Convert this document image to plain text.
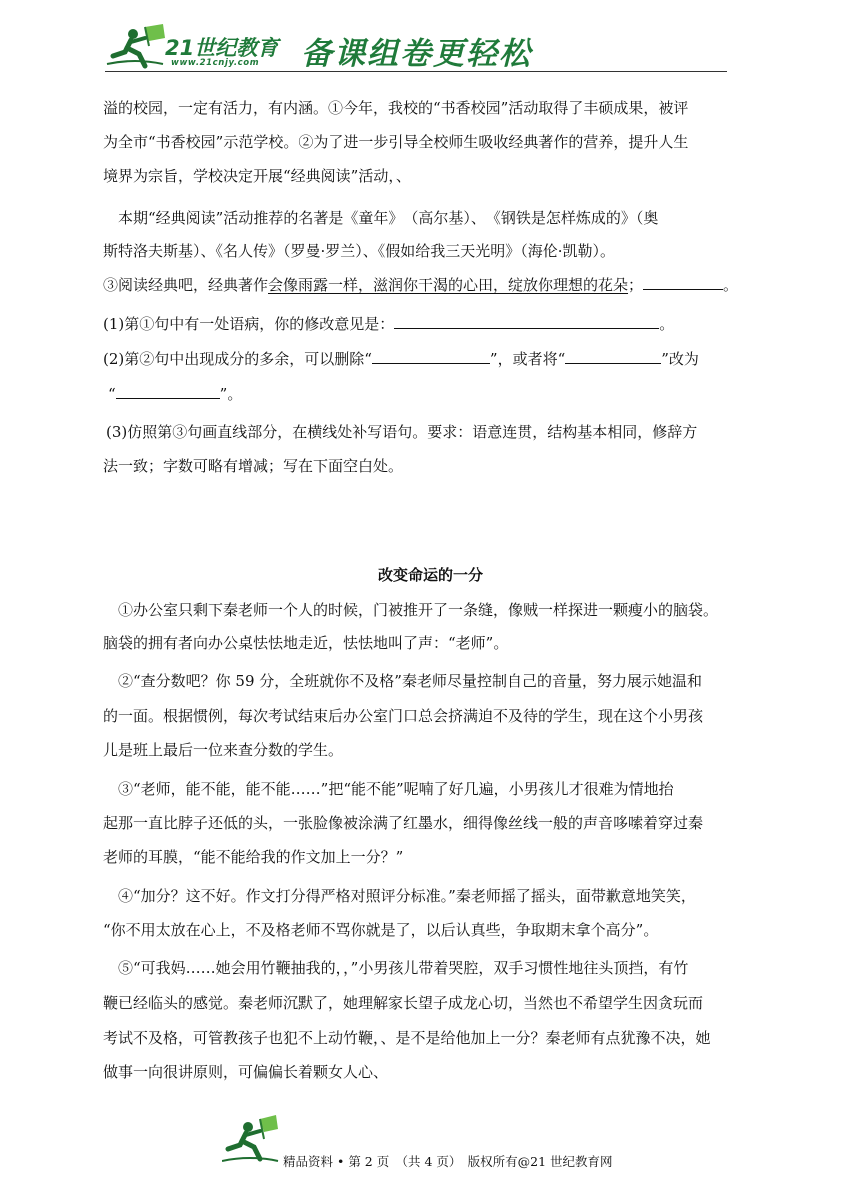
21世纪教育
www.21cnjy.com 备课组卷更轻松
溢的校园，一定有活力，有内涵。①今年，我校的“书香校园”活动取得了丰硕成果，被评
为全市“书香校园”示范学校。②为了进一步引导全校师生吸收经典著作的营养，提升人生
境界为宗旨，学校决定开展“经典阅读”活动，、
本期“经典阅读”活动推荐的名著是《童年》　（高尔基）、　《钢铁是怎样炼成的》（奥
斯特洛夫斯基）、《名人传》（罗曼·罗兰）、《假如给我三天光明》（海伦·凯勒）。
③阅读经典吧，经典著作会像雨露一样，滋润你干渴的心田，绽放你理想的花朵；	。
(1)第①句中有一处语病，你的修改意见是：	。
(2)第②句中出现成分的多余，可以删除“	”，或者将“	”改为
“	”。
(3)仿照第③句画直线部分，在横线处补写语句。要求：语意连贯，结构基本相同，修辞方
法一致；字数可略有增减；写在下面空白处。
改变命运的一分
①办公室只剩下秦老师一个人的时候，门被推开了一条缝，像贼一样探进一颗瘦小的脑袋。
脑袋的拥有者向办公桌怯怯地走近，怯怯地叫了声：“老师”。
②“查分数吧？你 59 分，全班就你不及格”秦老师尽量控制自己的音量，努力展示她温和
的一面。根据惯例，每次考试结束后办公室门口总会挤满迫不及待的学生，现在这个小男孩
儿是班上最后一位来查分数的学生。
③“老师，能不能，能不能……”把“能不能”呢喃了好几遍，小男孩儿才很难为情地抬
起那一直比脖子还低的头，一张脸像被涂满了红墨水，细得像丝线一般的声音哆嗦着穿过秦
老师的耳膜，“能不能给我的作文加上一分？”
④“加分？这不好。作文打分得严格对照评分标准。”秦老师摇了摇头，面带歉意地笑笑，
“你不用太放在心上，不及格老师不骂你就是了，以后认真些，争取期末拿个高分”。
⑤“可我妈……她会用竹鞭抽我的，，”小男孩儿带着哭腔，双手习惯性地往头顶挡，有竹
鞭已经临头的感觉。秦老师沉默了，她理解家长望子成龙心切，当然也不希望学生因贪玩而
考试不及格，可管教孩子也犯不上动竹鞭，、是不是给他加上一分？秦老师有点犹豫不决，她
做事一向很讲原则，可偏偏长着颗女人心、
精品资料 • 第 2 页　（共 4 页）　版权所有@21 世纪教育网
